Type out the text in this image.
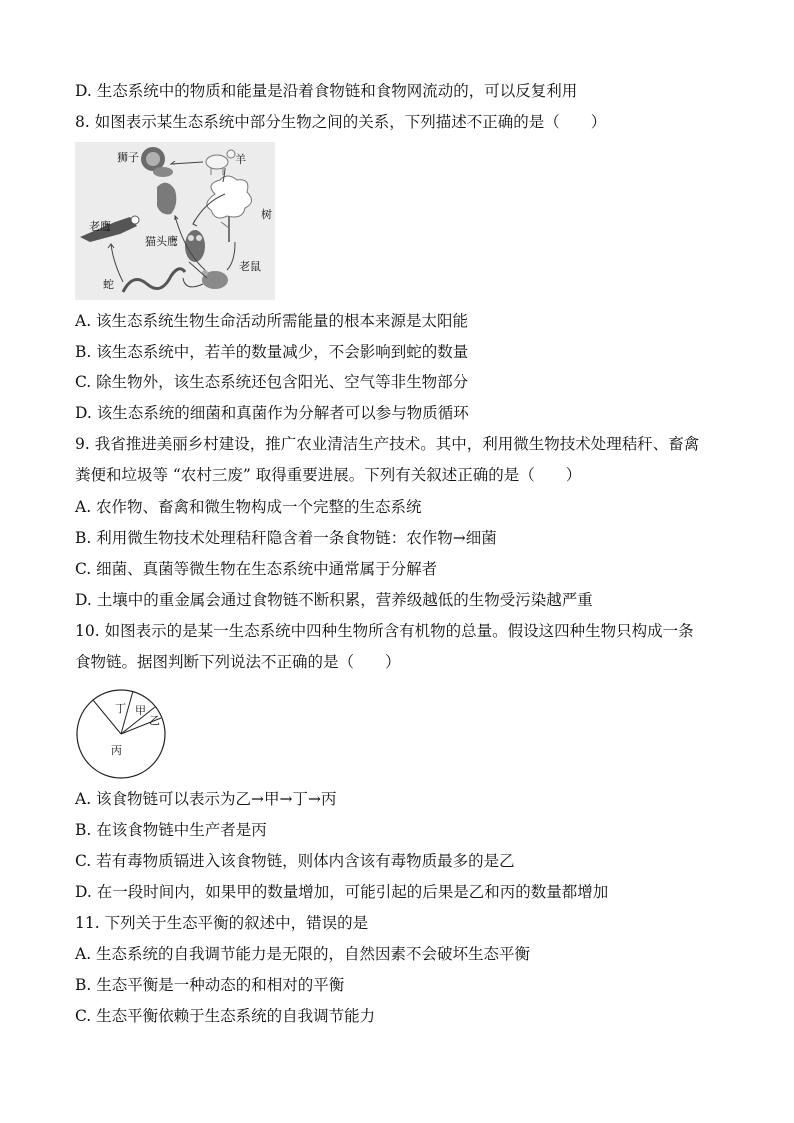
D. 生态系统中的物质和能量是沿着食物链和食物网流动的，可以反复利用
8. 如图表示某生态系统中部分生物之间的关系，下列描述不正确的是（　　）
狮子	羊
树
老鹰
猫头鹰
老鼠
蛇
A. 该生态系统生物生命活动所需能量的根本来源是太阳能
B. 该生态系统中，若羊的数量减少，不会影响到蛇的数量
C. 除生物外，该生态系统还包含阳光、空气等非生物部分
D. 该生态系统的细菌和真菌作为分解者可以参与物质循环
9. 我省推进美丽乡村建设，推广农业清洁生产技术。其中，利用微生物技术处理秸秆、畜禽
粪便和垃圾等 “农村三废” 取得重要进展。下列有关叙述正确的是（　　）
A. 农作物、畜禽和微生物构成一个完整的生态系统
B. 利用微生物技术处理秸秆隐含着一条食物链：农作物→细菌
C. 细菌、真菌等微生物在生态系统中通常属于分解者
D. 土壤中的重金属会通过食物链不断积累，营养级越低的生物受污染越严重
10. 如图表示的是某一生态系统中四种生物所含有机物的总量。假设这四种生物只构成一条
食物链。据图判断下列说法不正确的是（　　）
丁 甲
乙
丙
A. 该食物链可以表示为乙→甲→丁→丙
B. 在该食物链中生产者是丙
C. 若有毒物质镉进入该食物链，则体内含该有毒物质最多的是乙
D. 在一段时间内，如果甲的数量增加，可能引起的后果是乙和丙的数量都增加
11. 下列关于生态平衡的叙述中，错误的是
A. 生态系统的自我调节能力是无限的，自然因素不会破坏生态平衡
B. 生态平衡是一种动态的和相对的平衡
C. 生态平衡依赖于生态系统的自我调节能力
